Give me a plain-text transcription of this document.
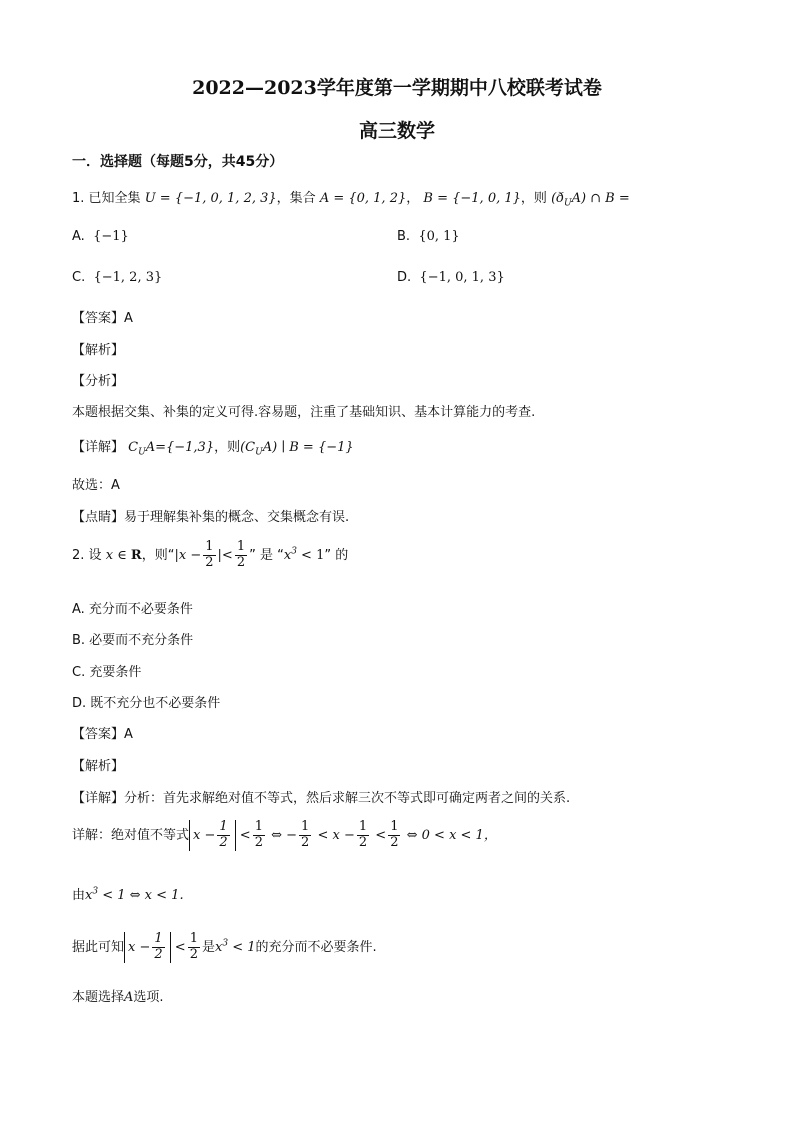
2022—2023学年度第一学期期中八校联考试卷
高三数学
一．选择题（每题5分，共45分）
1. 已知全集 U = {−1, 0, 1, 2, 3}，集合 A = {0, 1, 2}， B = {−1, 0, 1}，则 $(ð_UA)$ ∩ B =
A. {−1}	B. {0, 1}
C. {−1, 2, 3}	D. {−1, 0, 1, 3}
【答案】A
【解析】
【分析】
本题根据交集、补集的定义可得.容易题，注重了基础知识、基本计算能力的考查.
【详解】 $C_UA=\{-1,3\}$，则$(C_UA)$ ∣ B = {−1}
故选：A
【点睛】易于理解集补集的概念、交集概念有误.
2. 设 x ∈ R，则“$|x - \frac{1}{2}$ |< $\frac{1}{2}$ ” 是 “$x^3 < 1$” 的
A. 充分而不必要条件
B. 必要而不充分条件
C. 充要条件
D. 既不充分也不必要条件
【答案】A
【解析】
【详解】分析：首先求解绝对值不等式，然后求解三次不等式即可确定两者之间的关系.
详解：绝对值不等式 $x - \frac{1}{2} < \frac{1}{2}$ ⇔ − $\frac{1}{2} < x - \frac{1}{2} < \frac{1}{2}$ ⇔ 0 < x < 1，
由$x^3 < 1$ ⇔ x < 1.
据此可知 $x - \frac{1}{2} < \frac{1}{2}$ 是$x^3 < 1$的充分而不必要条件.
本题选择A选项.
